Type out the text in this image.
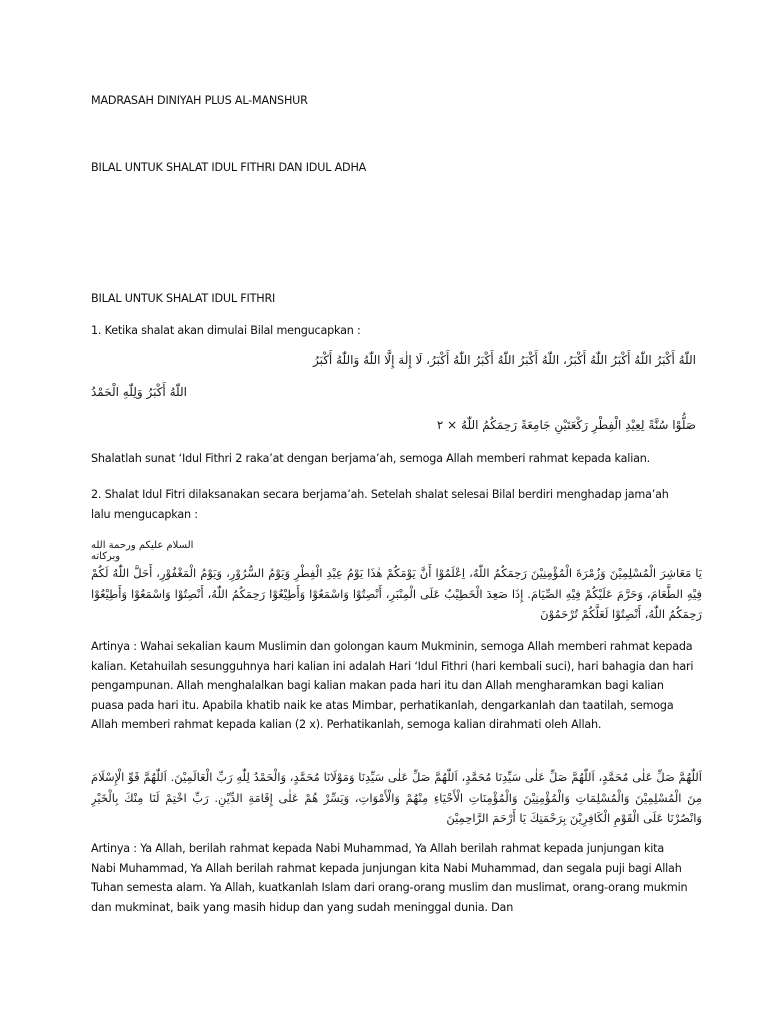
MADRASAH DINIYAH PLUS AL-MANSHUR
BILAL UNTUK SHALAT IDUL FITHRI DAN IDUL ADHA
BILAL UNTUK SHALAT IDUL FITHRI
1. Ketika shalat akan dimulai Bilal mengucapkan :
اللّٰهُ أَكْبَرُ اللّٰهُ أَكْبَرُ اللّٰهُ أَكْبَرُ، اللّٰهُ أَكْبَرُ اللّٰهُ أَكْبَرُ اللّٰهُ أَكْبَرُ، لَا إِلٰهَ إِلَّا اللّٰهُ وَاللّٰهُ أَكْبَرُ
اللّٰهُ أَكْبَرُ وَلِلّٰهِ الْحَمْدُ
صَلُّوْا سُنَّةً لِعِيْدِ الْفِطْرِ رَكْعَتَيْنِ جَامِعَةً رَحِمَكُمُ اللّٰهُ × ٢
Shalatlah sunat ‘Idul Fithri 2 raka’at dengan berjama’ah, semoga Allah memberi rahmat kepada kalian.
2. Shalat Idul Fitri dilaksanakan secara berjama’ah. Setelah shalat selesai Bilal berdiri menghadap jama’ah lalu mengucapkan :
السلام عليكم ورحمة الله وبركاته
يَا مَعَاشِرَ الْمُسْلِمِيْنَ وَزُمْرَةَ الْمُؤْمِنِيْنَ رَحِمَكُمُ اللّٰهُ، اِعْلَمُوْا أَنَّ يَوْمَكُمْ هٰذَا يَوْمُ عِيْدِ الْفِطْرِ وَيَوْمُ السُّرُوْرِ، وَيَوْمُ الْمَغْفُوْرِ، أَحَلَّ اللّٰهُ لَكُمْ فِيْهِ الطَّعَامَ، وَحَرَّمَ عَلَيْكُمْ فِيْهِ الصِّيَامَ. إِذَا صَعِدَ الْخَطِيْبُ عَلَى الْمِنْبَرِ، أَنْصِتُوْا وَاسْمَعُوْا وَأَطِيْعُوْا رَحِمَكُمُ اللّٰهُ، أَنْصِتُوْا وَاسْمَعُوْا وَأَطِيْعُوْا رَحِمَكُمُ اللّٰهُ، أَنْصِتُوْا لَعَلَّكُمْ تُرْحَمُوْنَ
Artinya : Wahai sekalian kaum Muslimin dan golongan kaum Mukminin, semoga Allah memberi rahmat kepada kalian. Ketahuilah sesungguhnya hari kalian ini adalah Hari ‘Idul Fithri (hari kembali suci), hari bahagia dan hari pengampunan. Allah menghalalkan bagi kalian makan pada hari itu dan Allah mengharamkan bagi kalian puasa pada hari itu. Apabila khatib naik ke atas Mimbar, perhatikanlah, dengarkanlah dan taatilah, semoga Allah memberi rahmat kepada kalian (2 x). Perhatikanlah, semoga kalian dirahmati oleh Allah.
اَللّٰهُمَّ صَلِّ عَلٰى مُحَمَّدٍ، اَللّٰهُمَّ صَلِّ عَلٰى سَيِّدِنَا مُحَمَّدٍ، اَللّٰهُمَّ صَلِّ عَلٰى سَيِّدِنَا وَمَوْلَانَا مُحَمَّدٍ، وَالْحَمْدُ لِلّٰهِ رَبِّ الْعَالَمِيْنَ. اَللّٰهُمَّ قَوِّ الْإِسْلَامَ مِنَ الْمُسْلِمِيْنَ وَالْمُسْلِمَاتِ وَالْمُؤْمِنِيْنَ وَالْمُؤْمِنَاتِ الْأَحْيَاءِ مِنْهُمْ وَالْأَمْوَاتِ، وَيَسِّرْ هُمْ عَلٰى إِقَامَةِ الدِّيْنِ. رَبِّ اخْتِمْ لَنَا مِنْكَ بِالْخَيْرِ وَانْصُرْنَا عَلَى الْقَوْمِ الْكَافِرِيْنَ بِرَحْمَتِكَ يَا أَرْحَمَ الرَّاحِمِيْنَ
Artinya : Ya Allah, berilah rahmat kepada Nabi Muhammad, Ya Allah berilah rahmat kepada junjungan kita Nabi Muhammad, Ya Allah berilah rahmat kepada junjungan kita Nabi Muhammad, dan segala puji bagi Allah Tuhan semesta alam. Ya Allah, kuatkanlah Islam dari orang-orang muslim dan muslimat, orang-orang mukmin dan mukminat, baik yang masih hidup dan yang sudah meninggal dunia. Dan
